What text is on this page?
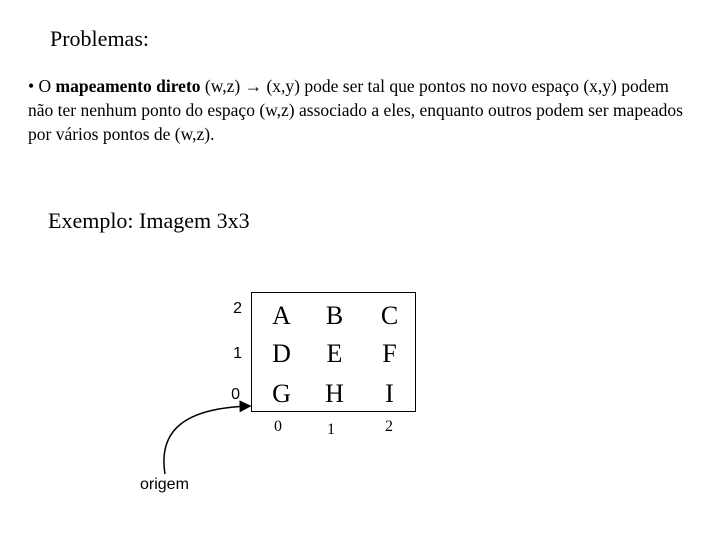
Problemas:
• O mapeamento direto (w,z) → (x,y) pode ser tal que pontos no novo espaço (x,y) podem não ter nenhum ponto do espaço (w,z) associado a eles, enquanto outros podem ser mapeados por vários pontos de (w,z).
Exemplo: Imagem 3x3
2
1
0
A	B	C
D	E	F
G	H	I
0	1	2
origem
